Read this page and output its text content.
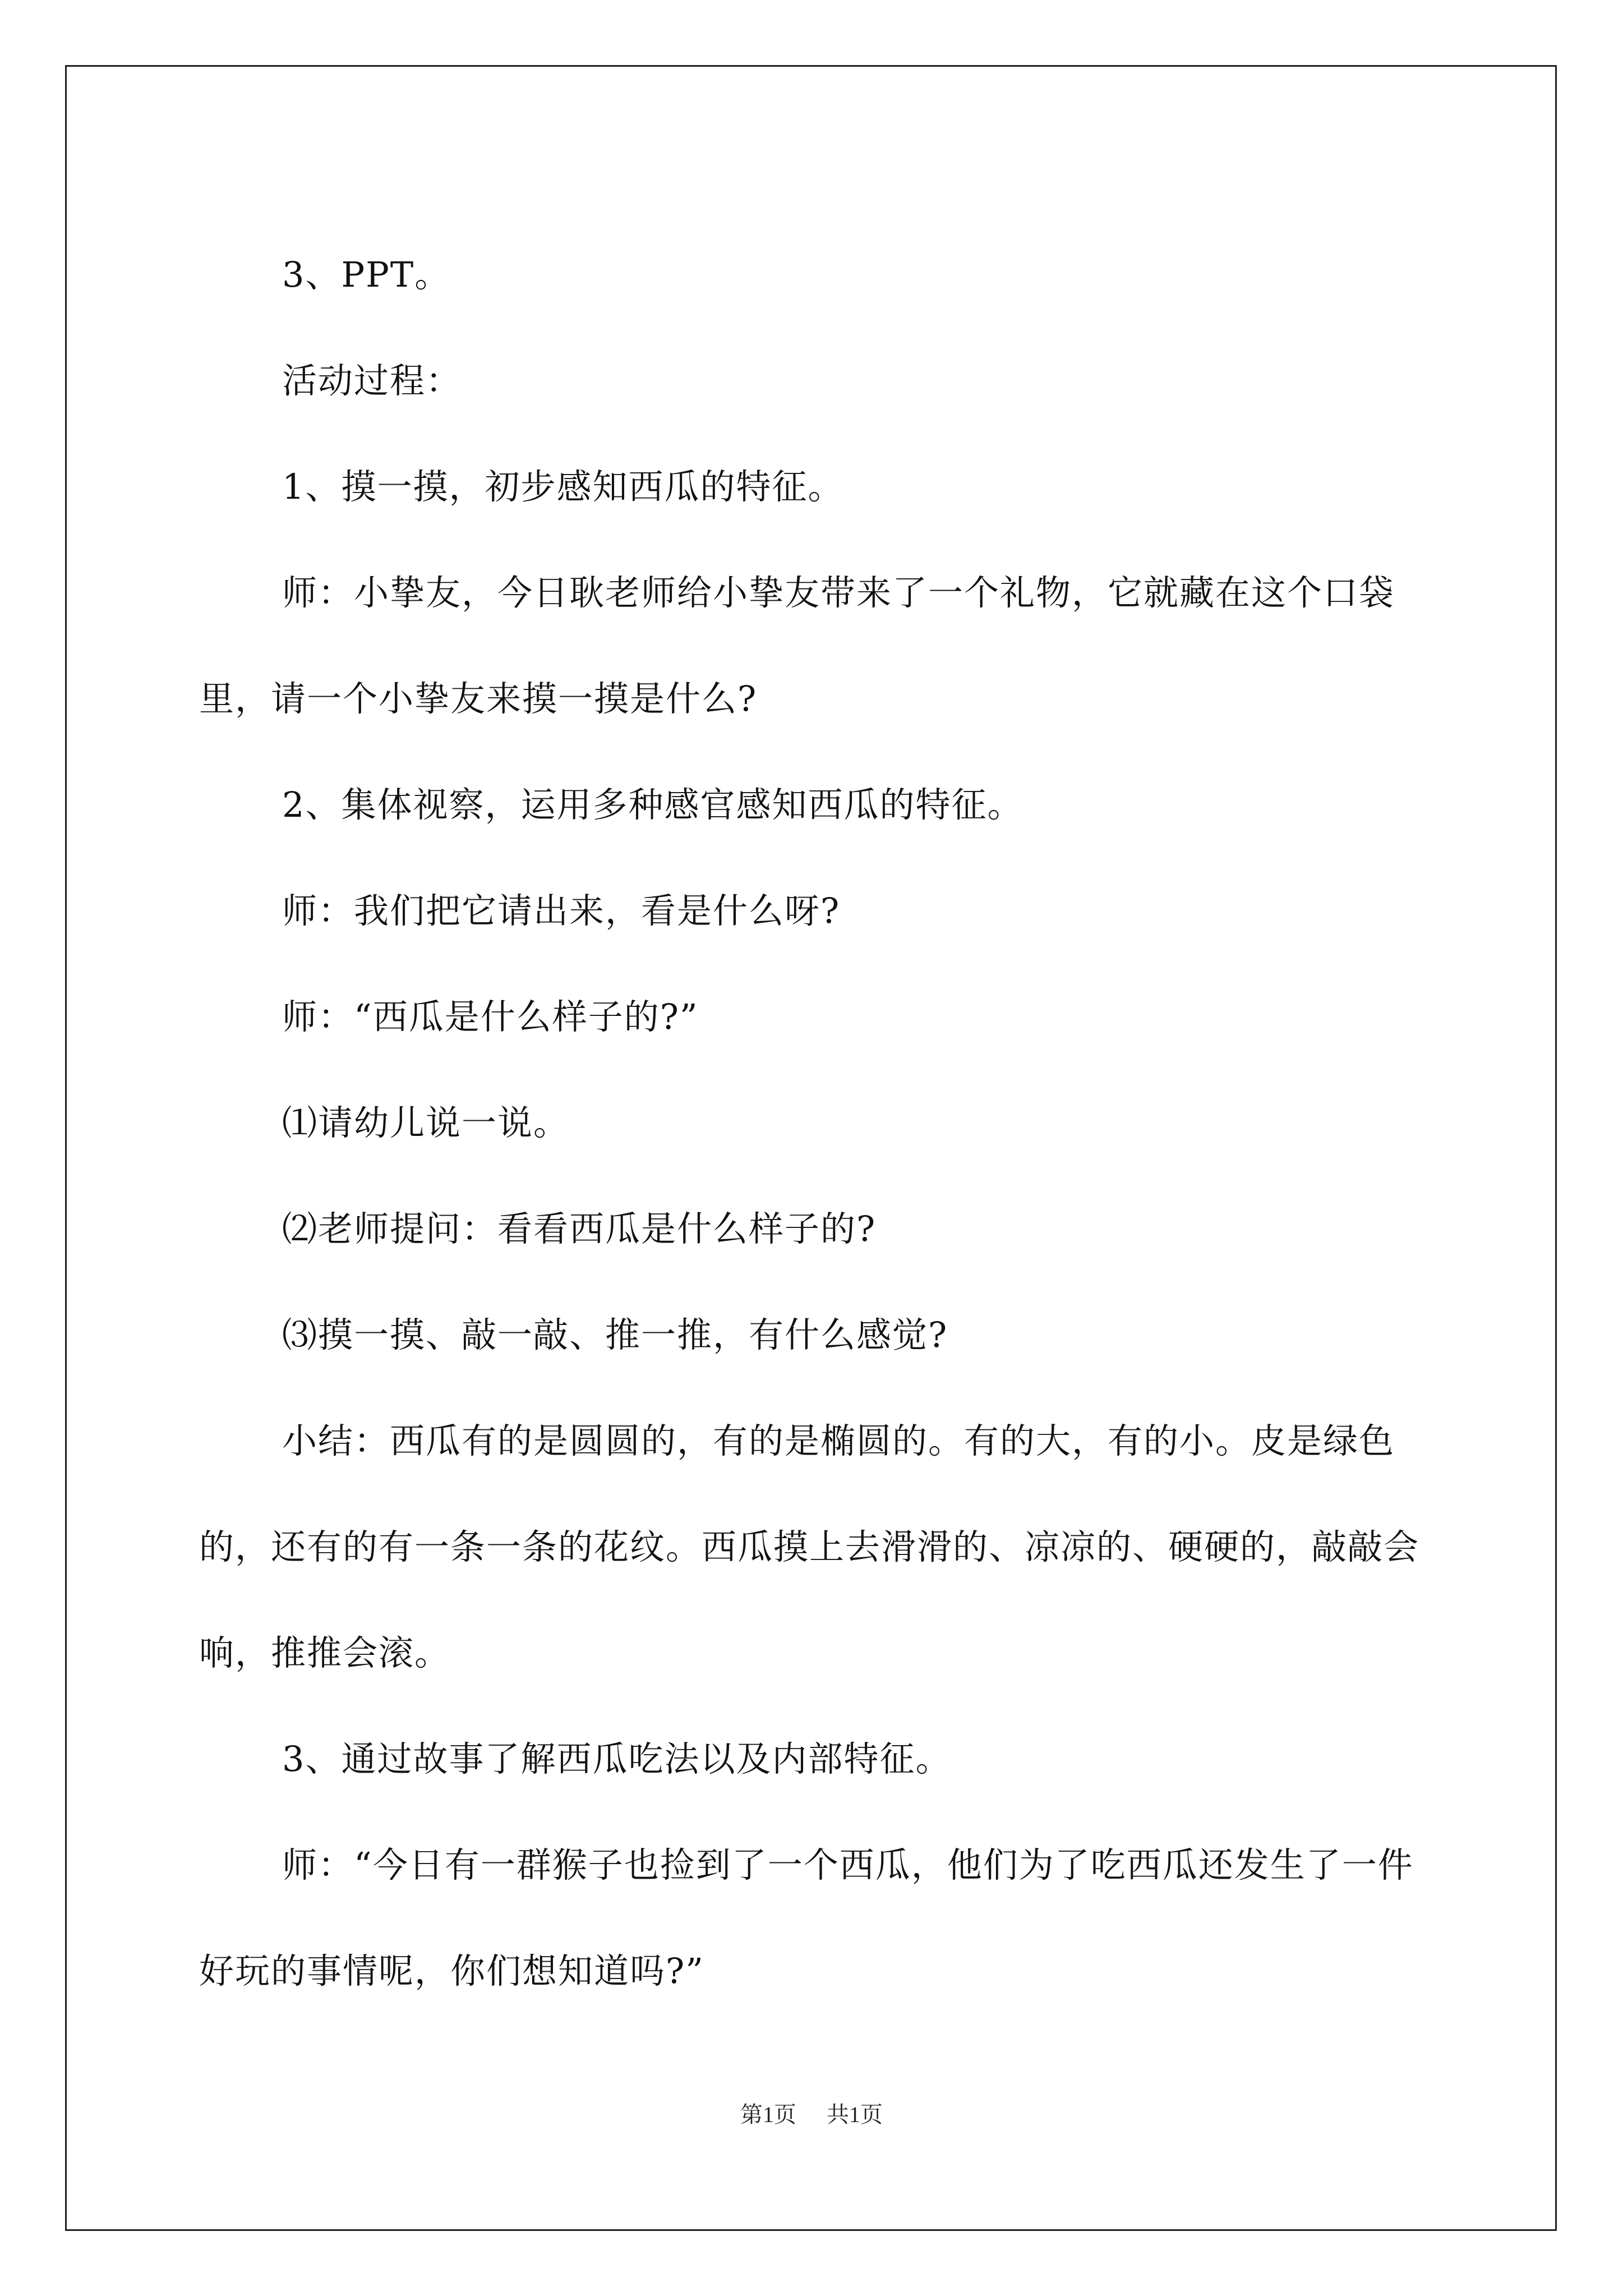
3、PPT。

活动过程：

1、摸一摸，初步感知西瓜的特征。

师：小挚友，今日耿老师给小挚友带来了一个礼物，它就藏在这个口袋里，请一个小挚友来摸一摸是什么?

2、集体视察，运用多种感官感知西瓜的特征。

师：我们把它请出来，看是什么呀?

师：“西瓜是什么样子的?”

⑴请幼儿说一说。

⑵老师提问：看看西瓜是什么样子的?

⑶摸一摸、敲一敲、推一推，有什么感觉?

小结：西瓜有的是圆圆的，有的是椭圆的。有的大，有的小。皮是绿色的，还有的有一条一条的花纹。西瓜摸上去滑滑的、凉凉的、硬硬的，敲敲会响，推推会滚。

3、通过故事了解西瓜吃法以及内部特征。

师：“今日有一群猴子也捡到了一个西瓜，他们为了吃西瓜还发生了一件好玩的事情呢，你们想知道吗?”

第1页 共1页
